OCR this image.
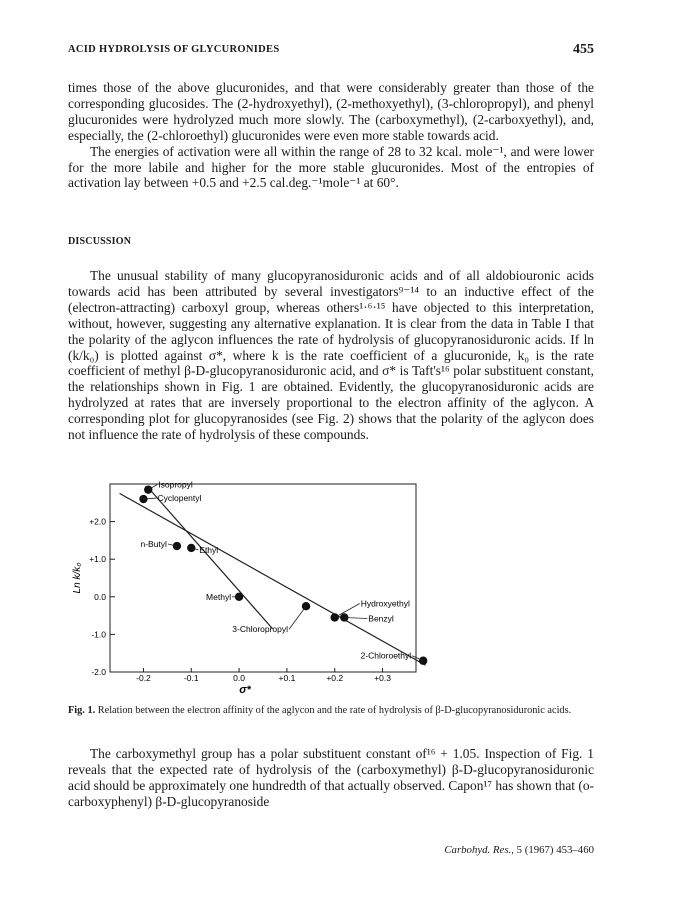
ACID HYDROLYSIS OF GLYCURONIDES	455
times those of the above glucuronides, and that were considerably greater than those of the corresponding glucosides. The (2-hydroxyethyl), (2-methoxyethyl), (3-chloropropyl), and phenyl glucuronides were hydrolyzed much more slowly. The (carboxymethyl), (2-carboxyethyl), and, especially, the (2-chloroethyl) glucuronides were even more stable towards acid.
The energies of activation were all within the range of 28 to 32 kcal. mole⁻¹, and were lower for the more labile and higher for the more stable glucuronides. Most of the entropies of activation lay between +0.5 and +2.5 cal.deg.⁻¹mole⁻¹ at 60°.
DISCUSSION
The unusual stability of many glucopyranosiduronic acids and of all aldobiouronic acids towards acid has been attributed by several investigators⁹⁻¹⁴ to an inductive effect of the (electron-attracting) carboxyl group, whereas others¹·⁶·¹⁵ have objected to this interpretation, without, however, suggesting any alternative explanation. It is clear from the data in Table I that the polarity of the aglycon influences the rate of hydrolysis of glucopyranosiduronic acids. If ln (k/k₀) is plotted against σ*, where k is the rate coefficient of a glucuronide, k₀ is the rate coefficient of methyl β-D-glucopyranosiduronic acid, and σ* is Taft's¹⁶ polar substituent constant, the relationships shown in Fig. 1 are obtained. Evidently, the glucopyranosiduronic acids are hydrolyzed at rates that are inversely proportional to the electron affinity of the aglycon. A corresponding plot for glucopyranosides (see Fig. 2) shows that the polarity of the aglycon does not influence the rate of hydrolysis of these compounds.
+2.0
+1.0
0.0
-1.0
-2.0
-0.2	-0.1	0.0	+0.1	+0.2	+0.3
σ*
Ln k/k₀
Isopropyl
Cyclopentyl
n-Butyl
Ethyl
Methyl
3-Chloropropyl
Hydroxyethyl
Benzyl
2-Chloroethyl
Fig. 1. Relation between the electron affinity of the aglycon and the rate of hydrolysis of β-D-glucopyranosiduronic acids.
The carboxymethyl group has a polar substituent constant of¹⁶ + 1.05. Inspection of Fig. 1 reveals that the expected rate of hydrolysis of the (carboxymethyl) β-D-glucopyranosiduronic acid should be approximately one hundredth of that actually observed. Capon¹⁷ has shown that (o-carboxyphenyl) β-D-glucopyranoside
Carbohyd. Res., 5 (1967) 453–460
